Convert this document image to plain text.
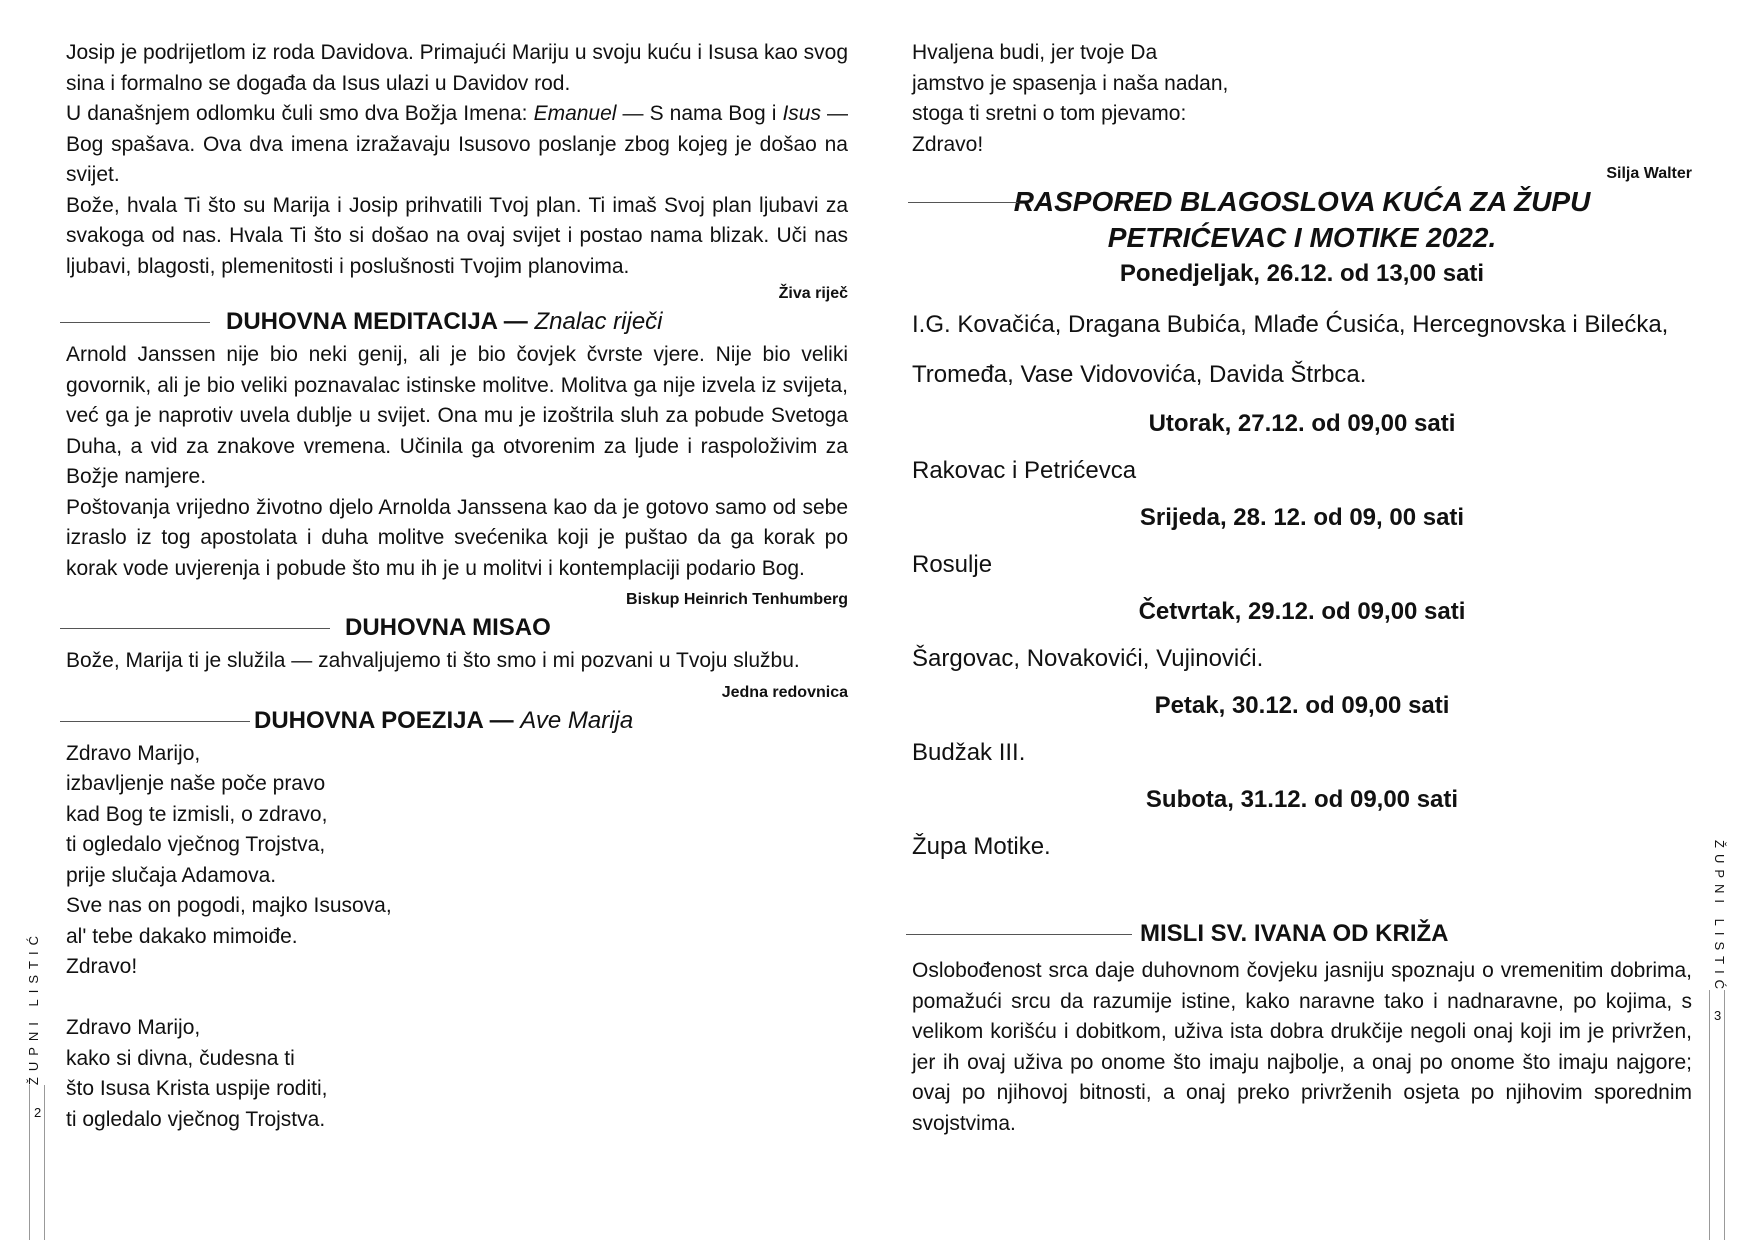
Josip je podrijetlom iz roda Davidova. Primajući Mariju u svoju kuću i Isusa kao svog sina i formalno se događa da Isus ulazi u Davidov rod.

U današnjem odlomku čuli smo dva Božja Imena: Emanuel — S nama Bog i Isus — Bog spašava. Ova dva imena izražavaju Isusovo poslanje zbog kojeg je došao na svijet.

Bože, hvala Ti što su Marija i Josip prihvatili Tvoj plan. Ti imaš Svoj plan ljubavi za svakoga od nas. Hvala Ti što si došao na ovaj svijet i postao nama blizak. Uči nas ljubavi, blagosti, plemenitosti i poslušnosti Tvojim planovima.

Živa riječ

DUHOVNA MEDITACIJA — Znalac riječi

Arnold Janssen nije bio neki genij, ali je bio čovjek čvrste vjere. Nije bio veliki govornik, ali je bio veliki poznavalac istinske molitve. Molitva ga nije izvela iz svijeta, već ga je naprotiv uvela dublje u svijet. Ona mu je izoštrila sluh za pobude Svetoga Duha, a vid za znakove vremena. Učinila ga otvorenim za ljude i raspoloživim za Božje namjere.

Poštovanja vrijedno životno djelo Arnolda Janssena kao da je gotovo samo od sebe izraslo iz tog apostolata i duha molitve svećenika koji je puštao da ga korak po korak vode uvjerenja i pobude što mu ih je u molitvi i kontemplaciji podario Bog.

Biskup Heinrich Tenhumberg

DUHOVNA MISAO

Bože, Marija ti je služila — zahvaljujemo ti što smo i mi pozvani u Tvoju službu.

Jedna redovnica

DUHOVNA POEZIJA — Ave Marija

Zdravo Marijo,

izbavljenje naše poče pravo

kad Bog te izmisli, o zdravo,

ti ogledalo vječnog Trojstva,

prije slučaja Adamova.

Sve nas on pogodi, majko Isusova,

al' tebe dakako mimoiđe.

Zdravo!

Zdravo Marijo,

kako si divna, čudesna ti

što Isusa Krista uspije roditi,

ti ogledalo vječnog Trojstva.

ŽUPNI LISTIĆ
2

Hvaljena budi, jer tvoje Da

jamstvo je spasenja i naša nadan,

stoga ti sretni o tom pjevamo:

Zdravo!

Silja Walter

RASPORED BLAGOSLOVA KUĆA ZA ŽUPU

PETRIĆEVAC I MOTIKE 2022.

Ponedjeljak, 26.12. od 13,00 sati

I.G. Kovačića, Dragana Bubića, Mlađe Ćusića, Hercegnovska i Bilećka, Tromeđa, Vase Vidovovića, Davida Štrbca.

Utorak, 27.12. od 09,00 sati

Rakovac i Petrićevca

Srijeda, 28. 12. od 09, 00 sati

Rosulje

Četvrtak, 29.12. od 09,00 sati

Šargovac, Novakovići, Vujinovići.

Petak, 30.12. od 09,00 sati

Budžak III.

Subota, 31.12. od 09,00 sati

Župa Motike.

MISLI SV. IVANA OD KRIŽA

Oslobođenost srca daje duhovnom čovjeku jasniju spoznaju o vremenitim dobrima, pomažući srcu da razumije istine, kako naravne tako i nadnaravne, po kojima, s velikom korišću i dobitkom, uživa ista dobra drukčije negoli onaj koji im je privržen, jer ih ovaj uživa po onome što imaju najbolje, a onaj po onome što imaju najgore; ovaj po njihovoj bitnosti, a onaj preko privrženih osjeta po njihovim sporednim svojstvima.

ŽUPNI LISTIĆ
3
